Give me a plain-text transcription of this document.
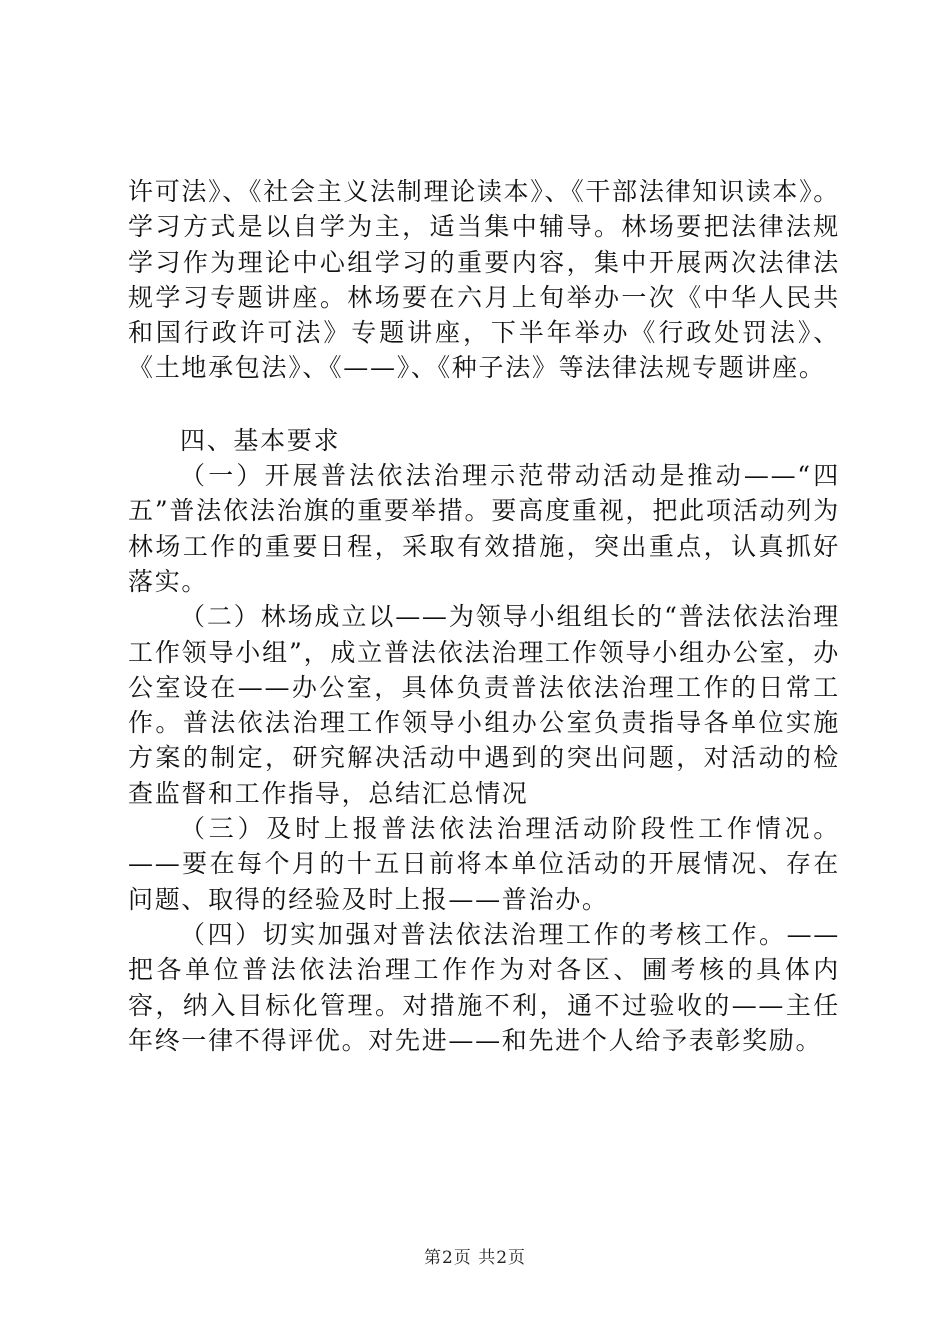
许可法》、《社会主义法制理论读本》、《干部法律知识读本》。学习方式是以自学为主，适当集中辅导。林场要把法律法规学习作为理论中心组学习的重要内容，集中开展两次法律法规学习专题讲座。林场要在六月上旬举办一次《中华人民共和国行政许可法》专题讲座，下半年举办《行政处罚法》、《土地承包法》、《——》、《种子法》等法律法规专题讲座。

四、基本要求

（一）开展普法依法治理示范带动活动是推动——“四五”普法依法治旗的重要举措。要高度重视，把此项活动列为林场工作的重要日程，采取有效措施，突出重点，认真抓好落实。

（二）林场成立以——为领导小组组长的“普法依法治理工作领导小组”，成立普法依法治理工作领导小组办公室，办公室设在——办公室，具体负责普法依法治理工作的日常工作。普法依法治理工作领导小组办公室负责指导各单位实施方案的制定，研究解决活动中遇到的突出问题，对活动的检查监督和工作指导，总结汇总情况

（三）及时上报普法依法治理活动阶段性工作情况。——要在每个月的十五日前将本单位活动的开展情况、存在问题、取得的经验及时上报——普治办。

（四）切实加强对普法依法治理工作的考核工作。——把各单位普法依法治理工作作为对各区、圃考核的具体内容，纳入目标化管理。对措施不利，通不过验收的——主任年终一律不得评优。对先进——和先进个人给予表彰奖励。

第2页 共2页
